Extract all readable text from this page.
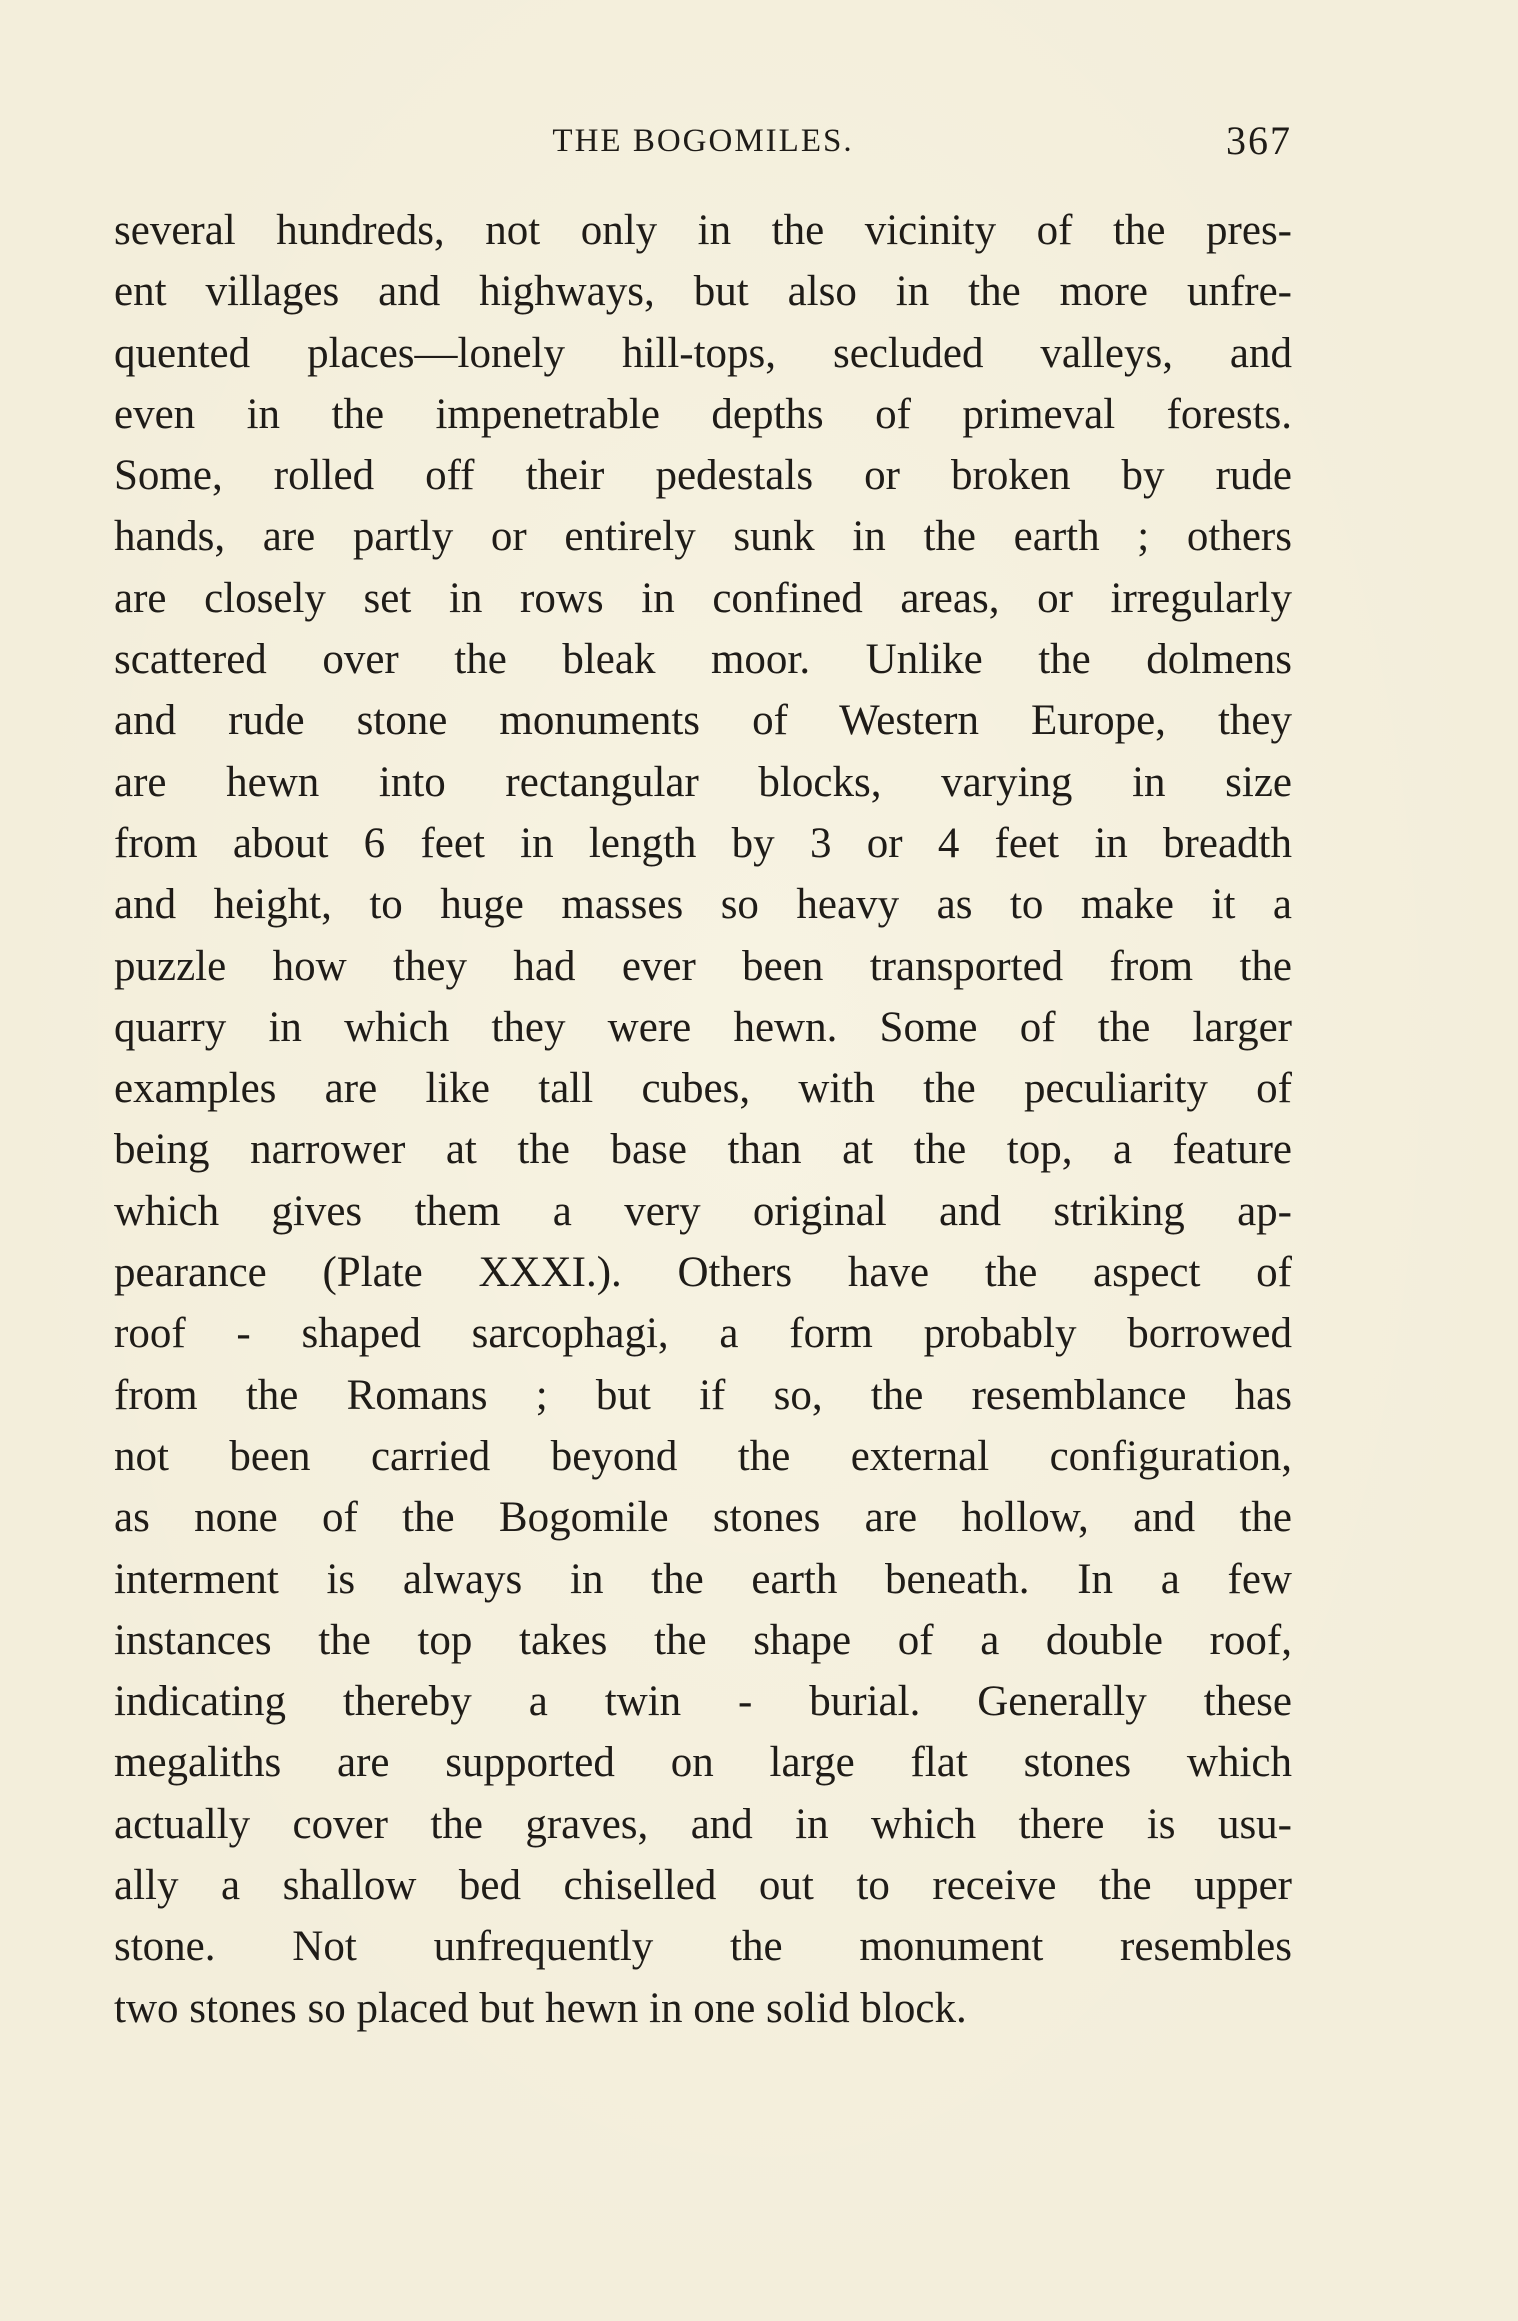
THE BOGOMILES.	367
several hundreds, not only in the vicinity of the pres-
ent villages and highways, but also in the more unfre-
quented places—lonely hill-tops, secluded valleys, and
even in the impenetrable depths of primeval forests.
Some, rolled off their pedestals or broken by rude
hands, are partly or entirely sunk in the earth ; others
are closely set in rows in confined areas, or irregularly
scattered over the bleak moor. Unlike the dolmens
and rude stone monuments of Western Europe, they
are hewn into rectangular blocks, varying in size
from about 6 feet in length by 3 or 4 feet in breadth
and height, to huge masses so heavy as to make it a
puzzle how they had ever been transported from the
quarry in which they were hewn. Some of the larger
examples are like tall cubes, with the peculiarity of
being narrower at the base than at the top, a feature
which gives them a very original and striking ap-
pearance (Plate XXXI.). Others have the aspect of
roof - shaped sarcophagi, a form probably borrowed
from the Romans ; but if so, the resemblance has
not been carried beyond the external configuration,
as none of the Bogomile stones are hollow, and the
interment is always in the earth beneath. In a few
instances the top takes the shape of a double roof,
indicating thereby a twin - burial. Generally these
megaliths are supported on large flat stones which
actually cover the graves, and in which there is usu-
ally a shallow bed chiselled out to receive the upper
stone. Not unfrequently the monument resembles
two stones so placed but hewn in one solid block.
